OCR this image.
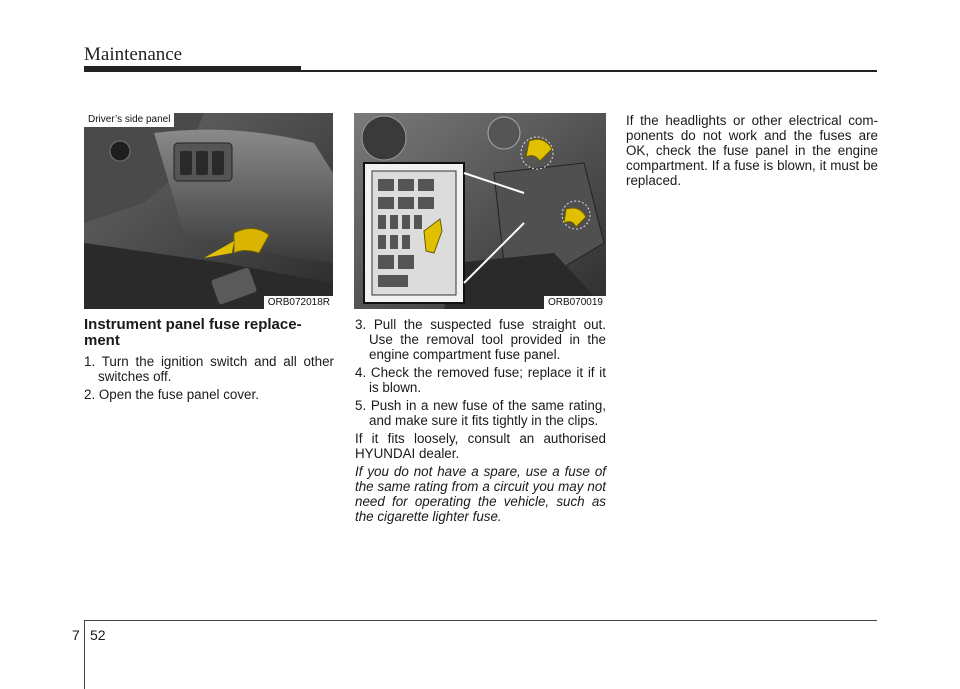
Maintenance
Driver’s side panel
ORB072018R	ORB070019
Instrument panel fuse replace-ment
1. Turn the ignition switch and all other switches off.
2. Open the fuse panel cover.
3. Pull the suspected fuse straight out. Use the removal tool provided in the engine compartment fuse panel.
4. Check the removed fuse; replace it if it is blown.
5. Push in a new fuse of the same rating, and make sure it fits tightly in the clips.

If it fits loosely, consult an authorised HYUNDAI dealer.

If you do not have a spare, use a fuse of the same rating from a circuit you may not need for operating the vehicle, such as the cigarette lighter fuse.

If the headlights or other electrical com-ponents do not work and the fuses are OK, check the fuse panel in the engine compartment. If a fuse is blown, it must be replaced.

7 52
